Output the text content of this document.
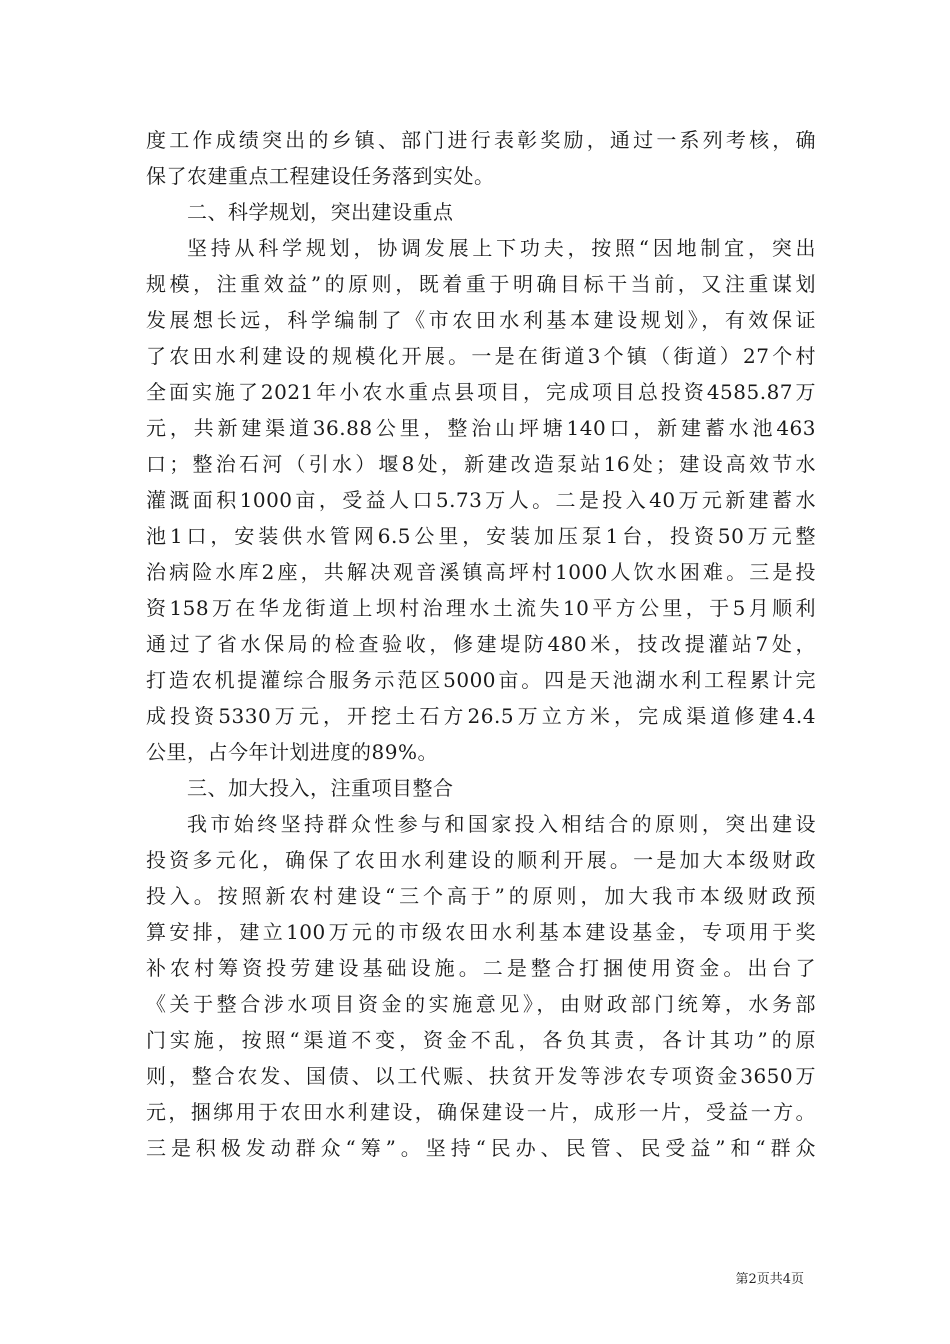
度工作成绩突出的乡镇、部门进行表彰奖励，通过一系列考核，确
保了农建重点工程建设任务落到实处。
二、科学规划，突出建设重点
坚持从科学规划，协调发展上下功夫，按照“因地制宜，突出
规模，注重效益”的原则，既着重于明确目标干当前，又注重谋划
发展想长远，科学编制了《市农田水利基本建设规划》，有效保证
了农田水利建设的规模化开展。一是在街道3个镇（街道）27个村
全面实施了2021年小农水重点县项目，完成项目总投资4585.87万
元，共新建渠道36.88公里，整治山坪塘140口，新建蓄水池463
口；整治石河（引水）堰8处，新建改造泵站16处；建设高效节水
灌溉面积1000亩，受益人口5.73万人。二是投入40万元新建蓄水
池1口，安装供水管网6.5公里，安装加压泵1台，投资50万元整
治病险水库2座，共解决观音溪镇高坪村1000人饮水困难。三是投
资158万在华龙街道上坝村治理水土流失10平方公里，于5月顺利
通过了省水保局的检查验收，修建堤防480米，技改提灌站7处，
打造农机提灌综合服务示范区5000亩。四是天池湖水利工程累计完
成投资5330万元，开挖土石方26.5万立方米，完成渠道修建4.4
公里，占今年计划进度的89%。
三、加大投入，注重项目整合
我市始终坚持群众性参与和国家投入相结合的原则，突出建设
投资多元化，确保了农田水利建设的顺利开展。一是加大本级财政
投入。按照新农村建设“三个高于”的原则，加大我市本级财政预
算安排，建立100万元的市级农田水利基本建设基金，专项用于奖
补农村筹资投劳建设基础设施。二是整合打捆使用资金。出台了
《关于整合涉水项目资金的实施意见》，由财政部门统筹，水务部
门实施，按照“渠道不变，资金不乱，各负其责，各计其功”的原
则，整合农发、国债、以工代赈、扶贫开发等涉农专项资金3650万
元，捆绑用于农田水利建设，确保建设一片，成形一片，受益一方。
三是积极发动群众“筹”。坚持“民办、民管、民受益”和“群众
第2页共4页
